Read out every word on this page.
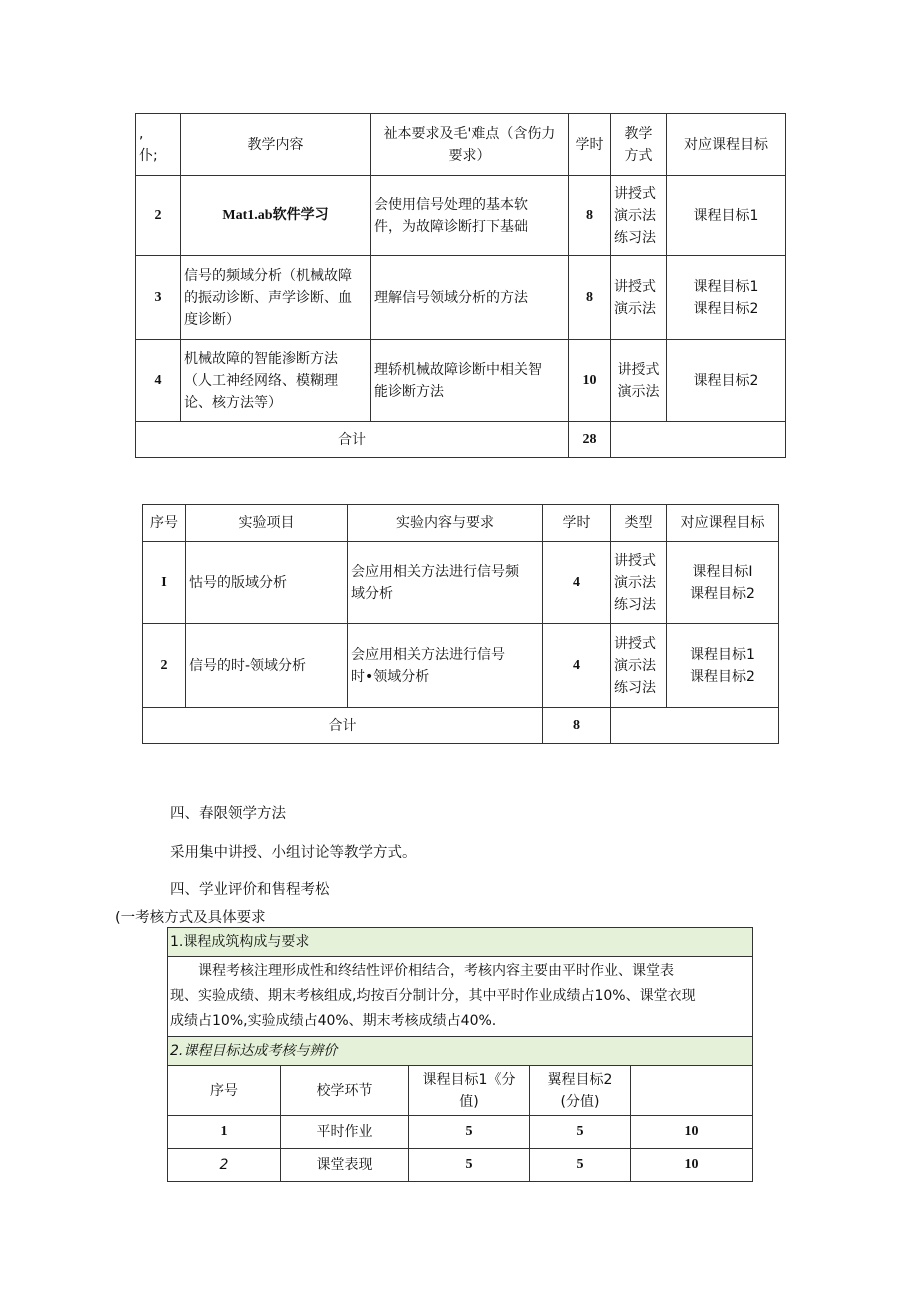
,
仆;	教学内容	祉本要求及毛'难点（含伤力
要求）	学时	教学
方式	对应课程目标
2	Mat1.ab软件学习	会使用信号处理的基本软
件，为故障诊断打下基础	8	讲授式
演示法
练习法	课程目标1
3	信号的频域分析（机械故障
的振动诊断、声学诊断、血
度诊断）	理解信号领域分析的方法	8	讲授式
演示法	课程目标1
课程目标2

4	机械故障的智能渗断方法
（人工神经网络、模糊理
论、核方法等）	理轿机械故障诊断中相关智
能诊断方法	10	讲授式
演示法	课程目标2
合计			28		
序号	实验项目	实验内容与要求	学时	类型	对应课程目标
I	怙号的版域分析	会应用相关方法进行信号频
域分析	4	讲授式
演示法
练习法	课程目标I
课程目标2

2	信号的时-领域分析	会应用相关方法进行信号
时•领域分析	4	讲授式
演示法
练习法	课程目标1
课程目标2

合计			8		
四、春限领学方法
采用集中讲授、小组讨论等教学方式。
四、学业评价和售程考松
(一考核方式及具体要求
1.课程成筑构成与要求				

课程考核注理形成性和终结性评价相结合，考核内容主要由平时作业、课堂表
现、实验成绩、期末考核组成,均按百分制计分，其中平时作业成绩占10%、课堂衣现
成绩占10%,实验成绩占40%、期末考核成绩占40%.				

2.课程目标达成考核与辨价				
序号	校学环节	课程目标1《分
值)	翼程目标2
(分值)	

1	平时作业	5	5	10
2	课堂表现	5	5	10
